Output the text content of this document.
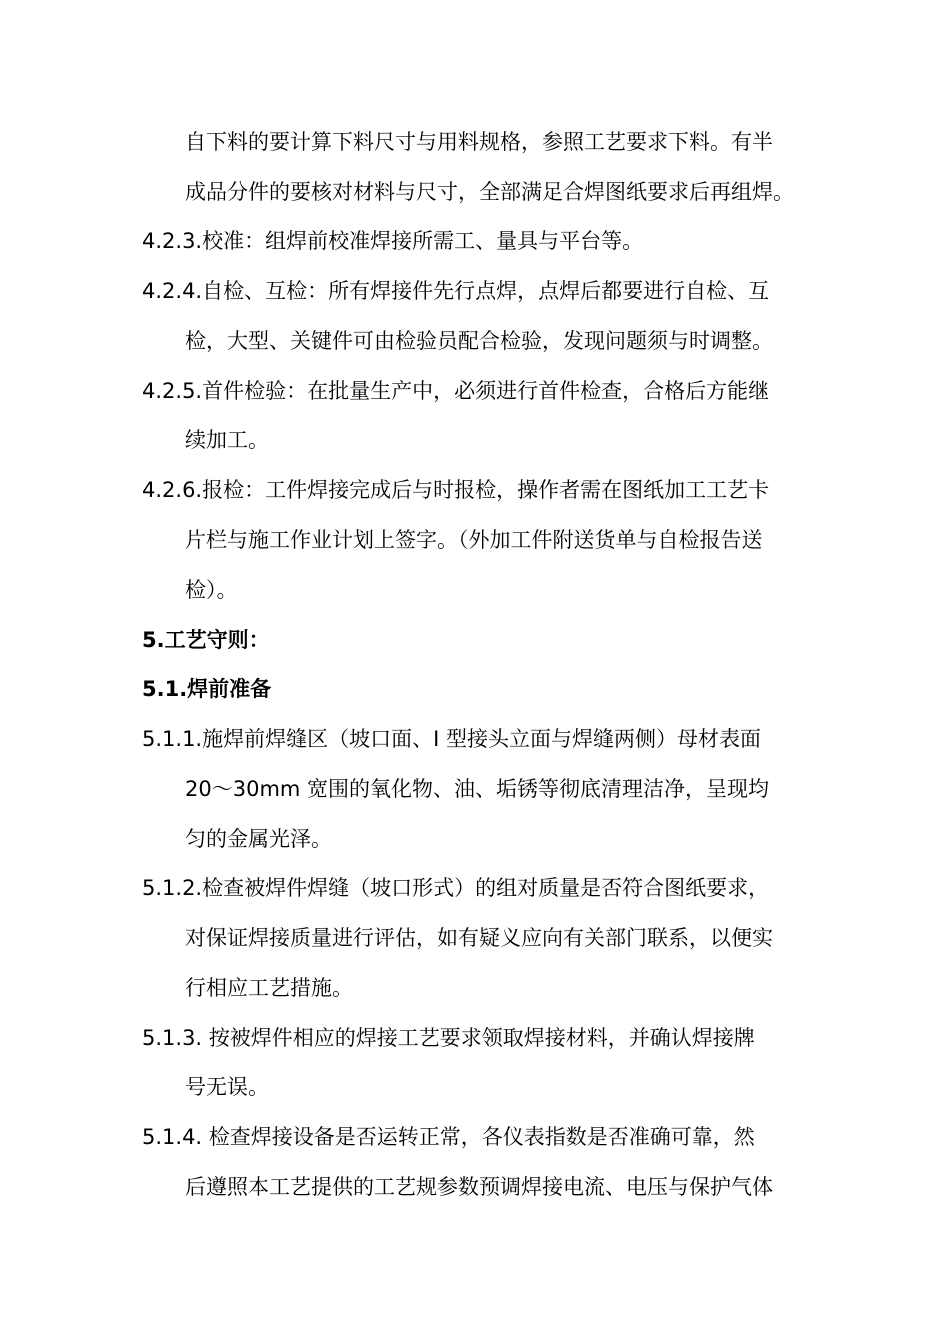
自下料的要计算下料尺寸与用料规格，参照工艺要求下料。有半
成品分件的要核对材料与尺寸，全部满足合焊图纸要求后再组焊。
4.2.3.校准：组焊前校准焊接所需工、量具与平台等。
4.2.4.自检、互检：所有焊接件先行点焊，点焊后都要进行自检、互
检，大型、关键件可由检验员配合检验，发现问题须与时调整。
4.2.5.首件检验：在批量生产中，必须进行首件检查，合格后方能继
续加工。
4.2.6.报检：工件焊接完成后与时报检，操作者需在图纸加工工艺卡
片栏与施工作业计划上签字。（外加工件附送货单与自检报告送
检）。
5.工艺守则：
5.1.焊前准备
5.1.1.施焊前焊缝区（坡口面、I 型接头立面与焊缝两侧）母材表面
20～30mm 宽围的氧化物、油、垢锈等彻底清理洁净，呈现均
匀的金属光泽。
5.1.2.检查被焊件焊缝（坡口形式）的组对质量是否符合图纸要求，
对保证焊接质量进行评估，如有疑义应向有关部门联系，以便实
行相应工艺措施。
5.1.3. 按被焊件相应的焊接工艺要求领取焊接材料，并确认焊接牌
号无误。
5.1.4. 检查焊接设备是否运转正常，各仪表指数是否准确可靠，然
后遵照本工艺提供的工艺规参数预调焊接电流、电压与保护气体
